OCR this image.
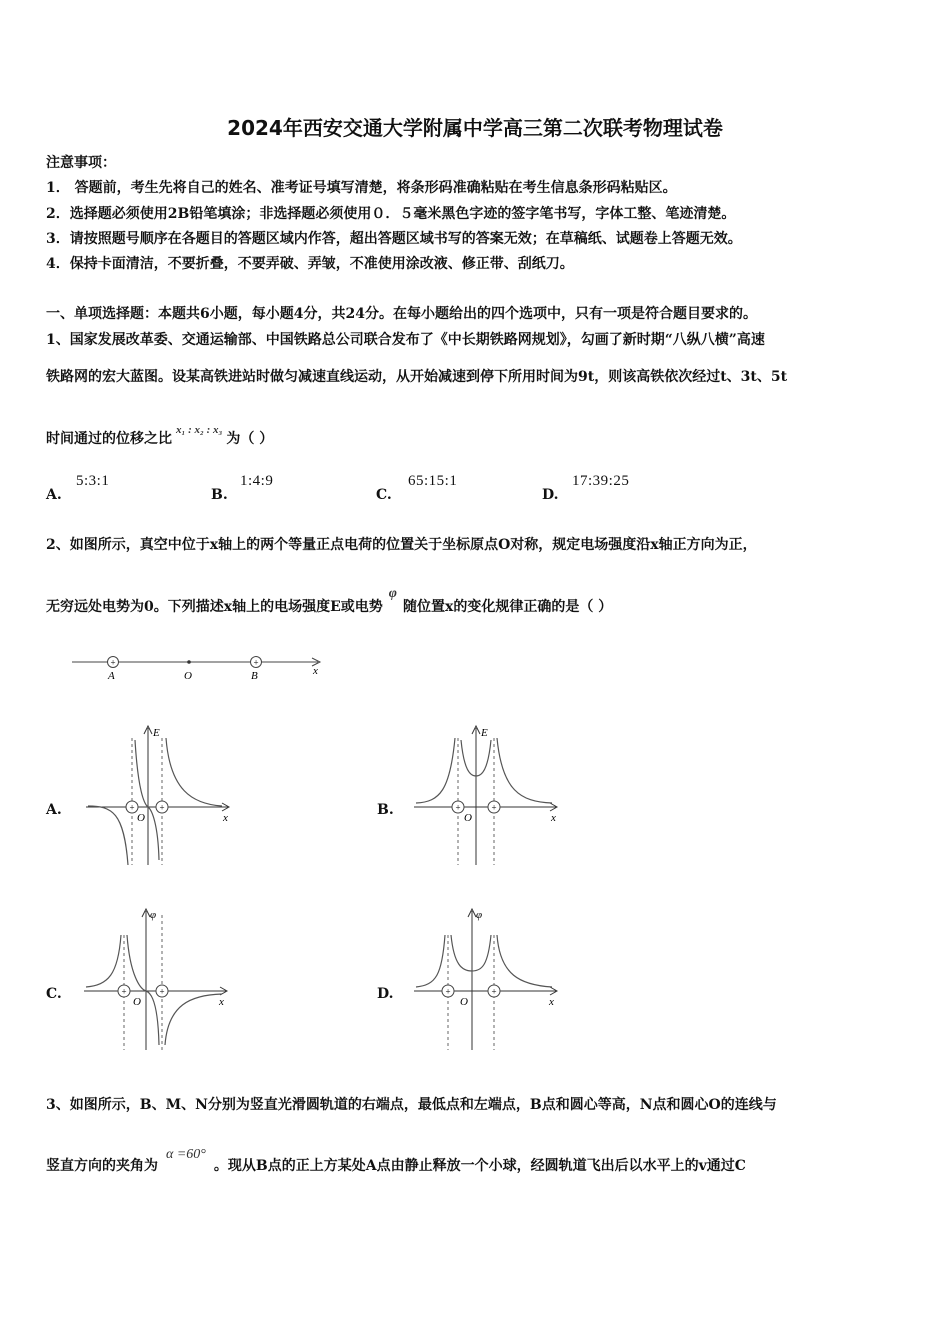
2024年西安交通大学附属中学高三第二次联考物理试卷
注意事项：
1． 答题前，考生先将自己的姓名、准考证号填写清楚，将条形码准确粘贴在考生信息条形码粘贴区。
2．选择题必须使用2B铅笔填涂；非选择题必须使用０．５毫米黑色字迹的签字笔书写，字体工整、笔迹清楚。
3．请按照题号顺序在各题目的答题区域内作答，超出答题区域书写的答案无效；在草稿纸、试题卷上答题无效。
4．保持卡面清洁，不要折叠，不要弄破、弄皱，不准使用涂改液、修正带、刮纸刀。
一、单项选择题：本题共6小题，每小题4分，共24分。在每小题给出的四个选项中，只有一项是符合题目要求的。
1、国家发展改革委、交通运输部、中国铁路总公司联合发布了《中长期铁路网规划》，勾画了新时期“八纵八横”高速
铁路网的宏大蓝图。设某高铁进站时做匀减速直线运动，从开始减速到停下所用时间为9t，则该高铁依次经过t、3t、5t
时间通过的位移之比$^{x_1 : x_2 : x_3}$为（ ）
A.
5:3:1
B.
1:4:9
C.
65:15:1
D.
17:39:25
2、如图所示，真空中位于x轴上的两个等量正点电荷的位置关于坐标原点O对称，规定电场强度沿x轴正方向为正，
无穷远处电势为0。下列描述x轴上的电场强度E或电势φ随位置x的变化规律正确的是（ ）
+	+
A	O	B	x
A.	B.
C.	D.
+	+
O
E
x
+	+
O
E
x
+	+
O
φ
x
+	+
O
φ
x
3、如图所示，B、M、N分别为竖直光滑圆轨道的右端点，最低点和左端点，B点和圆心等高，N点和圆心O的连线与
竖直方向的夹角为α =60°。现从B点的正上方某处A点由静止释放一个小球，经圆轨道飞出后以水平上的v通过C
